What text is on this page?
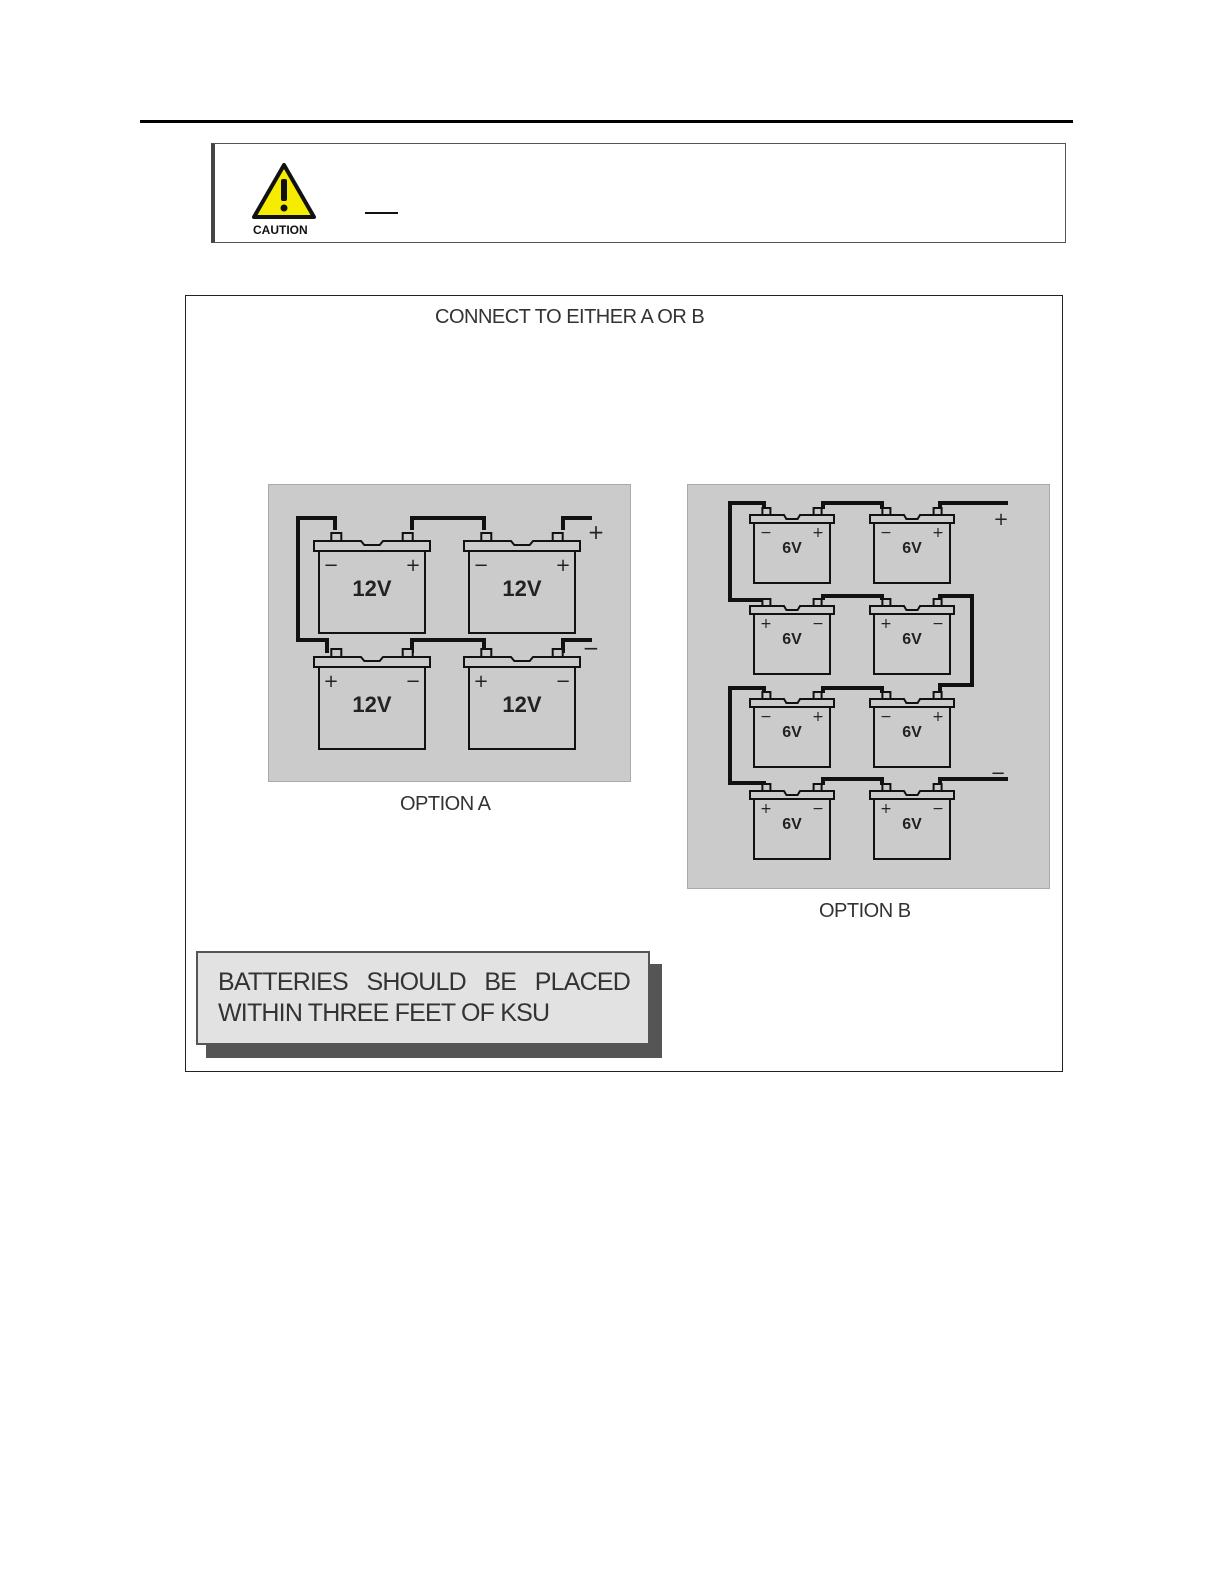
CAUTION
CONNECT TO EITHER A OR B
−	+
12V
−	+
12V
+	−
12V
+	−
12V
+
−
OPTION A
−	+
6V
−	+
6V
+	−
6V
+	−
6V
−	+
6V
−	+
6V
+	−
6V
+	−
6V
+
−
OPTION B
BATTERIES SHOULD BE PLACED
WITHIN THREE FEET OF KSU
